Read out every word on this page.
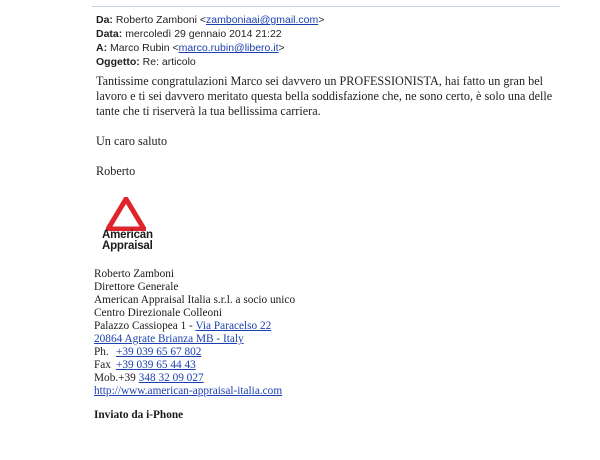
Da: Roberto Zamboni <zamboniaai@gmail.com>
Data: mercoledì 29 gennaio 2014 21:22
A: Marco Rubin <marco.rubin@libero.it>
Oggetto: Re: articolo

Tantissime congratulazioni Marco sei davvero un PROFESSIONISTA, hai fatto un gran bel lavoro e ti sei davvero meritato questa bella soddisfazione che, ne sono certo, è solo una delle tante che ti riserverà la tua bellissima carriera.

Un caro saluto

Roberto

American
Appraisal
Roberto Zamboni
Direttore Generale
American Appraisal Italia s.r.l. a socio unico
Centro Direzionale Colleoni
Palazzo Cassiopea 1 - Via Paracelso 22
20864 Agrate Brianza MB - Italy
Ph. +39 039 65 67 802
Fax +39 039 65 44 43
Mob.+39 348 32 09 027
http://www.american-appraisal-italia.com
Inviato da i-Phone
